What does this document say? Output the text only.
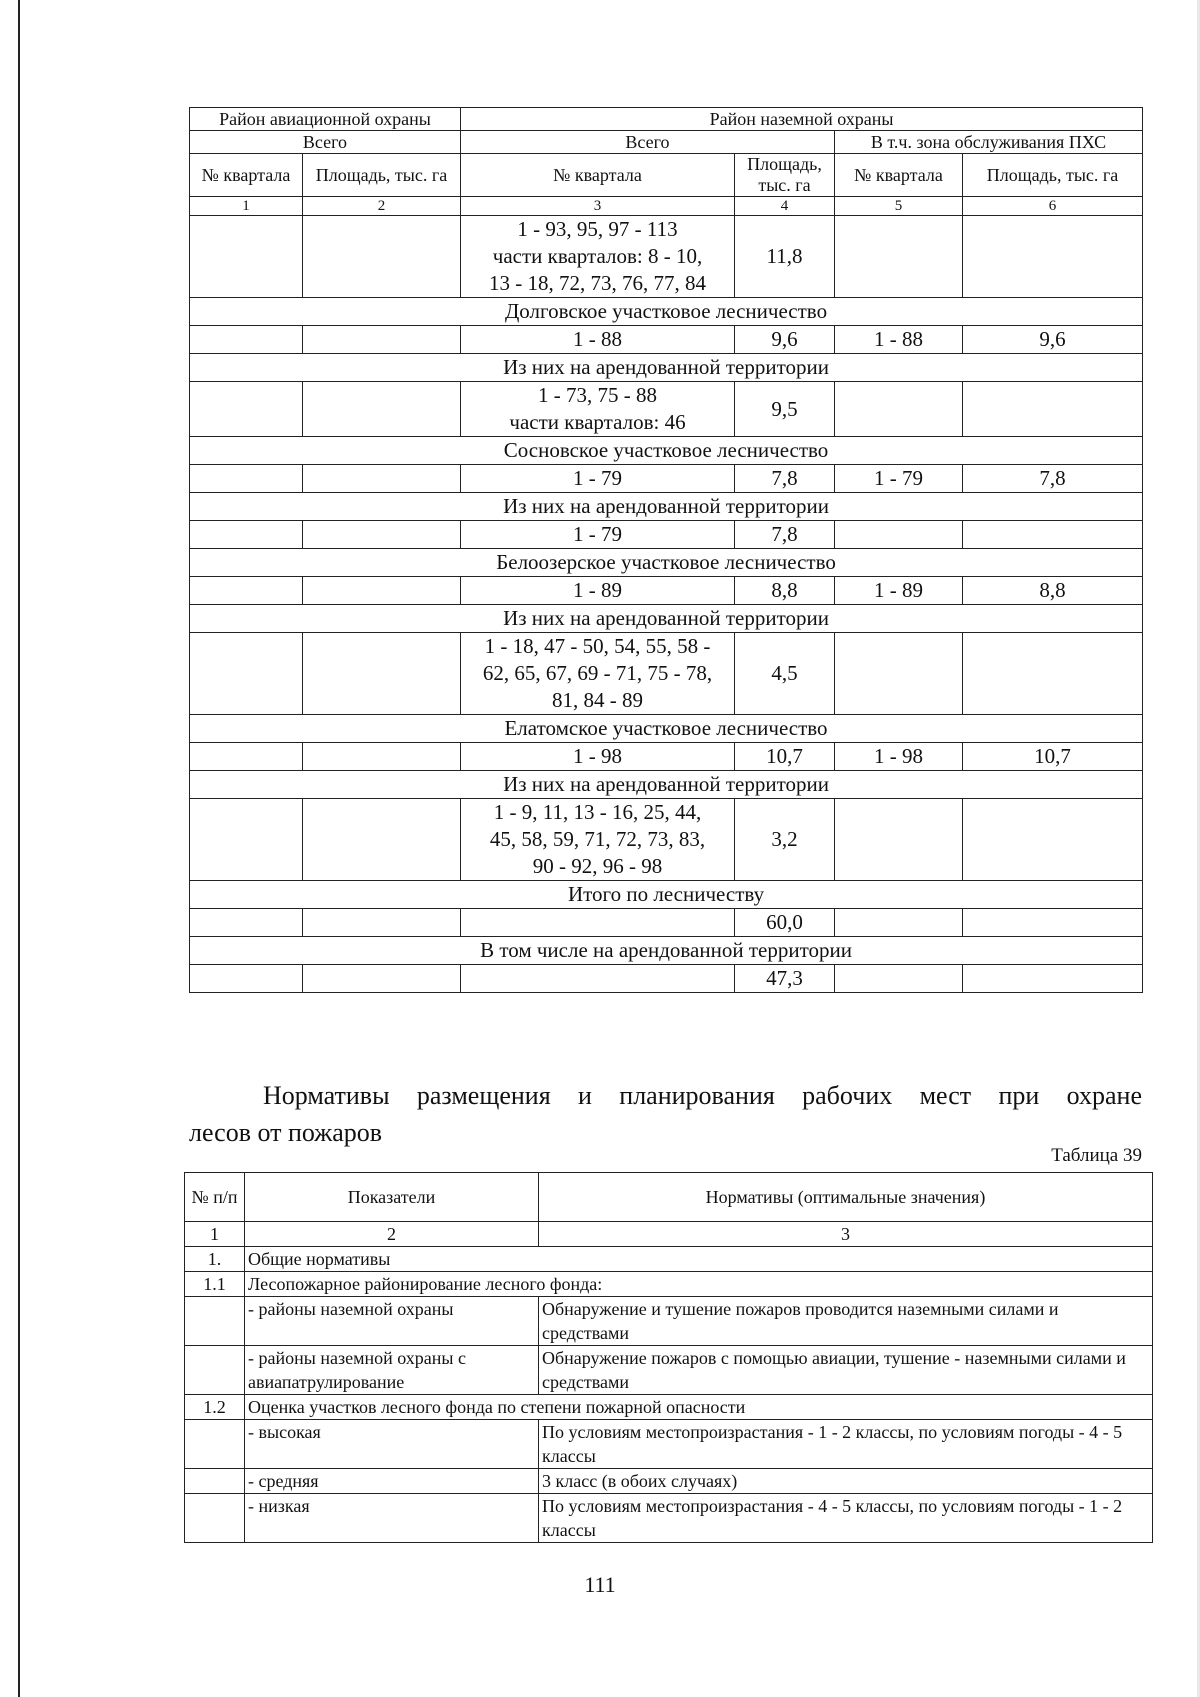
Район авиационной охраны		Район наземной охраны			
Всего		Всего		В т.ч. зона обслуживания ПХС	
№ квартала	Площадь, тыс. га	№ квартала	Площадь, тыс. га	№ квартала	Площадь, тыс. га
1	2	3	4	5	6

		1 - 93, 95, 97 - 113
части кварталов: 8 - 10,
13 - 18, 72, 73, 76, 77, 84	11,8		
Долговское участковое лесничество					
		1 - 88	9,6	1 - 88	9,6
Из них на арендованной территории					

		1 - 73, 75 - 88
части кварталов: 46	9,5		
Сосновское участковое лесничество					
		1 - 79	7,8	1 - 79	7,8
Из них на арендованной территории					
		1 - 79	7,8		
Белоозерское участковое лесничество					
		1 - 89	8,8	1 - 89	8,8
Из них на арендованной территории					

		1 - 18, 47 - 50, 54, 55, 58 -
62, 65, 67, 69 - 71, 75 - 78,
81, 84 - 89	4,5		
Елатомское участковое лесничество					
		1 - 98	10,7	1 - 98	10,7
Из них на арендованной территории					

		1 - 9, 11, 13 - 16, 25, 44,
45, 58, 59, 71, 72, 73, 83,
90 - 92, 96 - 98	3,2		
Итого по лесничеству					
			60,0		
В том числе на арендованной территории					
			47,3		
Нормативы размещения и планирования рабочих мест при охране
лесов от пожаров
Таблица 39
№ п/п	Показатели	Нормативы (оптимальные значения)
1	2	3
1.	Общие нормативы	
1.1	Лесопожарное районирование лесного фонда:	
	- районы наземной охраны	Обнаружение и тушение пожаров проводится наземными силами и средствами
	- районы наземной охраны с авиапатрулирование	Обнаружение пожаров с помощью авиации, тушение - наземными силами и средствами
1.2	Оценка участков лесного фонда по степени пожарной опасности	
	- высокая	По условиям местопроизрастания - 1 - 2 классы, по условиям погоды - 4 - 5 классы
	- средняя	3 класс (в обоих случаях)
	- низкая	По условиям местопроизрастания - 4 - 5 классы, по условиям погоды - 1 - 2 классы
111
